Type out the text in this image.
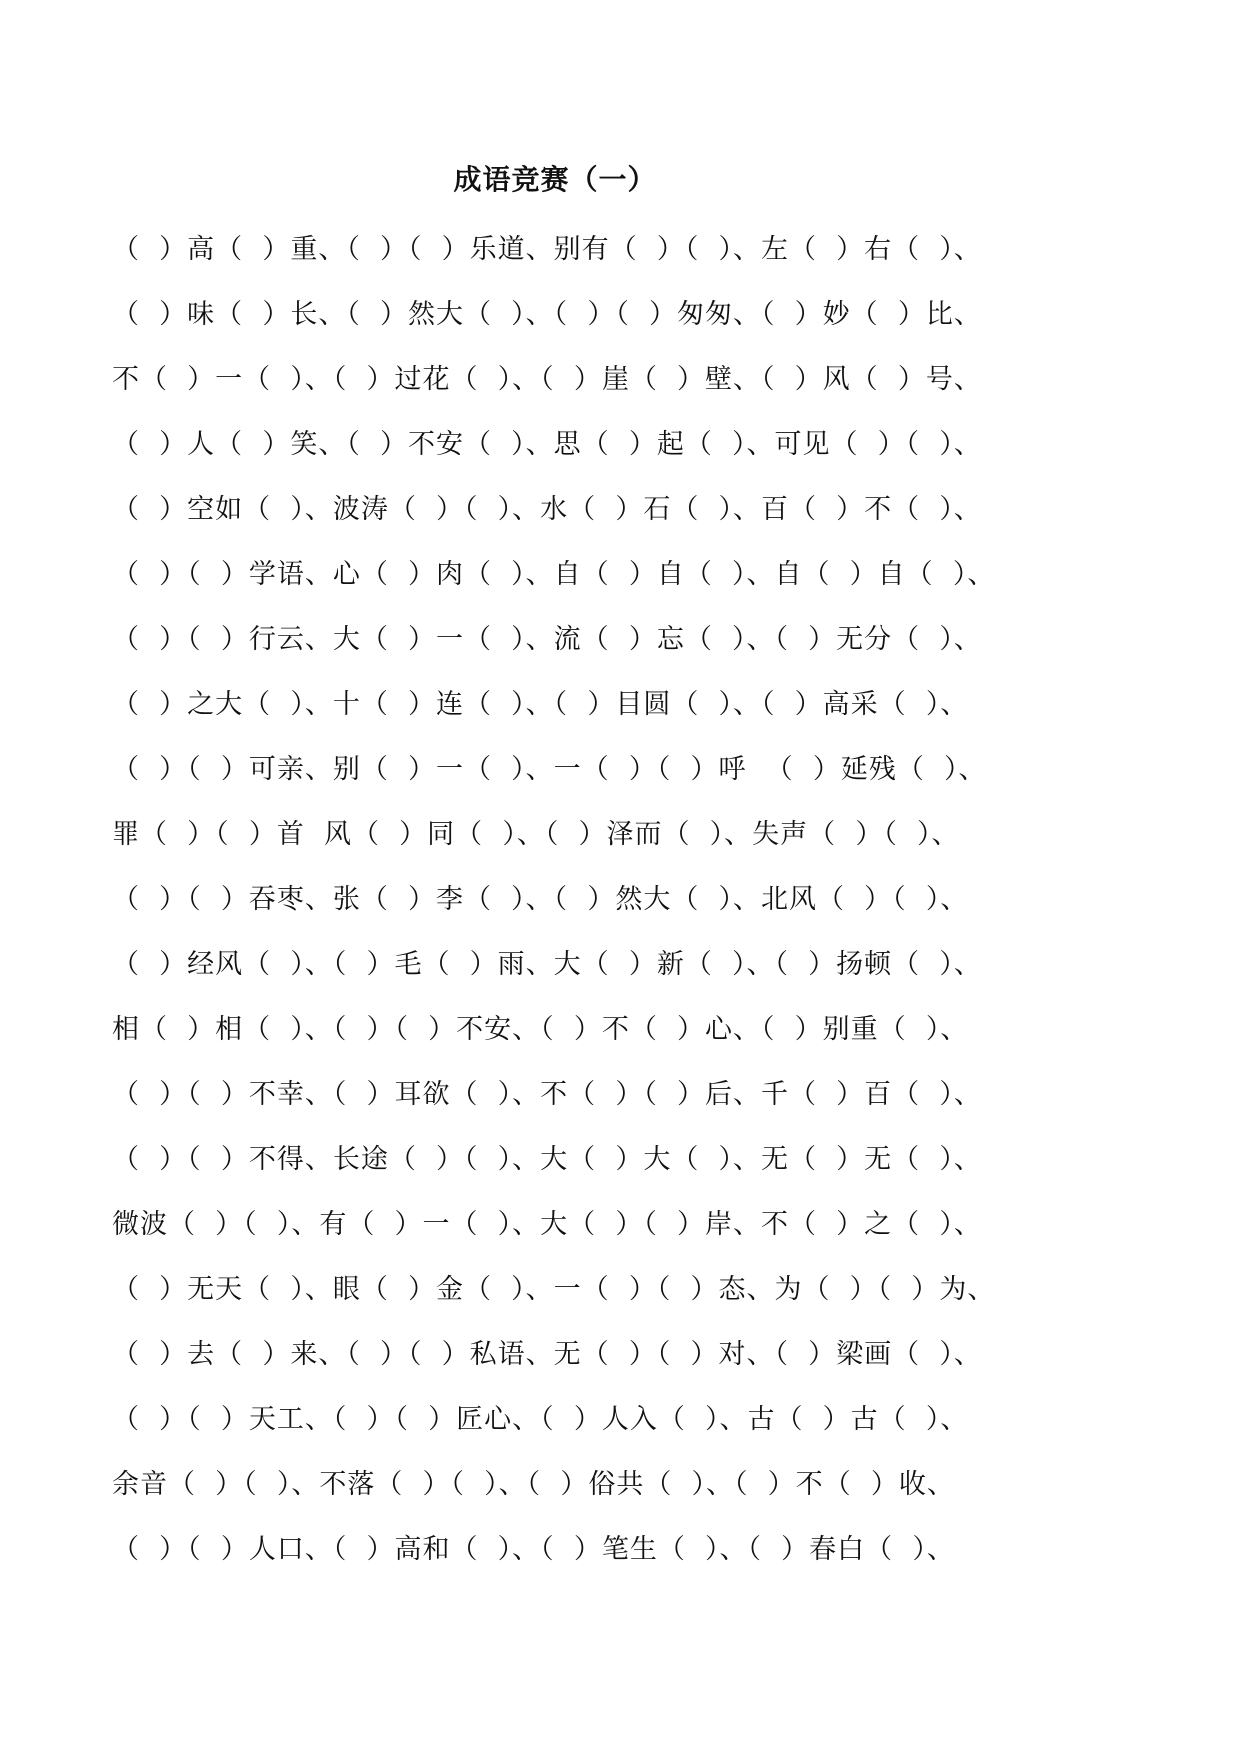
成语竞赛（一）
（  ）高（  ）重、（  ）（  ）乐道、别有（  ）（  ）、左（  ）右（  ）、
（  ）味（  ）长、（  ）然大（  ）、（  ）（  ）匆匆、（  ）妙（  ）比、
不（  ）一（  ）、（  ）过花（  ）、（  ）崖（  ）壁、（  ）风（  ）号、
（  ）人（  ）笑、（  ）不安（  ）、思（  ）起（  ）、可见（  ）（  ）、
（  ）空如（  ）、波涛（  ）（  ）、水（  ）石（  ）、百（  ）不（  ）、
（  ）（  ）学语、心（  ）肉（  ）、自（  ）自（  ）、自（  ）自（  ）、
（  ）（  ）行云、大（  ）一（  ）、流（  ）忘（  ）、（  ）无分（  ）、
（  ）之大（  ）、十（  ）连（  ）、（  ）目圆（  ）、（  ）高采（  ）、
（  ）（  ）可亲、别（  ）一（  ）、一（  ）（  ）呼  （  ）延残（  ）、
罪（  ）（  ）首  风（  ）同（  ）、（  ）泽而（  ）、失声（  ）（  ）、
（  ）（  ）吞枣、张（  ）李（  ）、（  ）然大（  ）、北风（  ）（  ）、
（  ）经风（  ）、（  ）毛（  ）雨、大（  ）新（  ）、（  ）扬顿（  ）、
相（  ）相（  ）、（  ）（  ）不安、（  ）不（  ）心、（  ）别重（  ）、
（  ）（  ）不幸、（  ）耳欲（  ）、不（  ）（  ）后、千（  ）百（  ）、
（  ）（  ）不得、长途（  ）（  ）、大（  ）大（  ）、无（  ）无（  ）、
微波（  ）（  ）、有（  ）一（  ）、大（  ）（  ）岸、不（  ）之（  ）、
（  ）无天（  ）、眼（  ）金（  ）、一（  ）（  ）态、为（  ）（  ）为、
（  ）去（  ）来、（  ）（  ）私语、无（  ）（  ）对、（  ）梁画（  ）、
（  ）（  ）天工、（  ）（  ）匠心、（  ）人入（  ）、古（  ）古（  ）、
余音（  ）（  ）、不落（  ）（  ）、（  ）俗共（  ）、（  ）不（  ）收、
（  ）（  ）人口、（  ）高和（  ）、（  ）笔生（  ）、（  ）春白（  ）、
